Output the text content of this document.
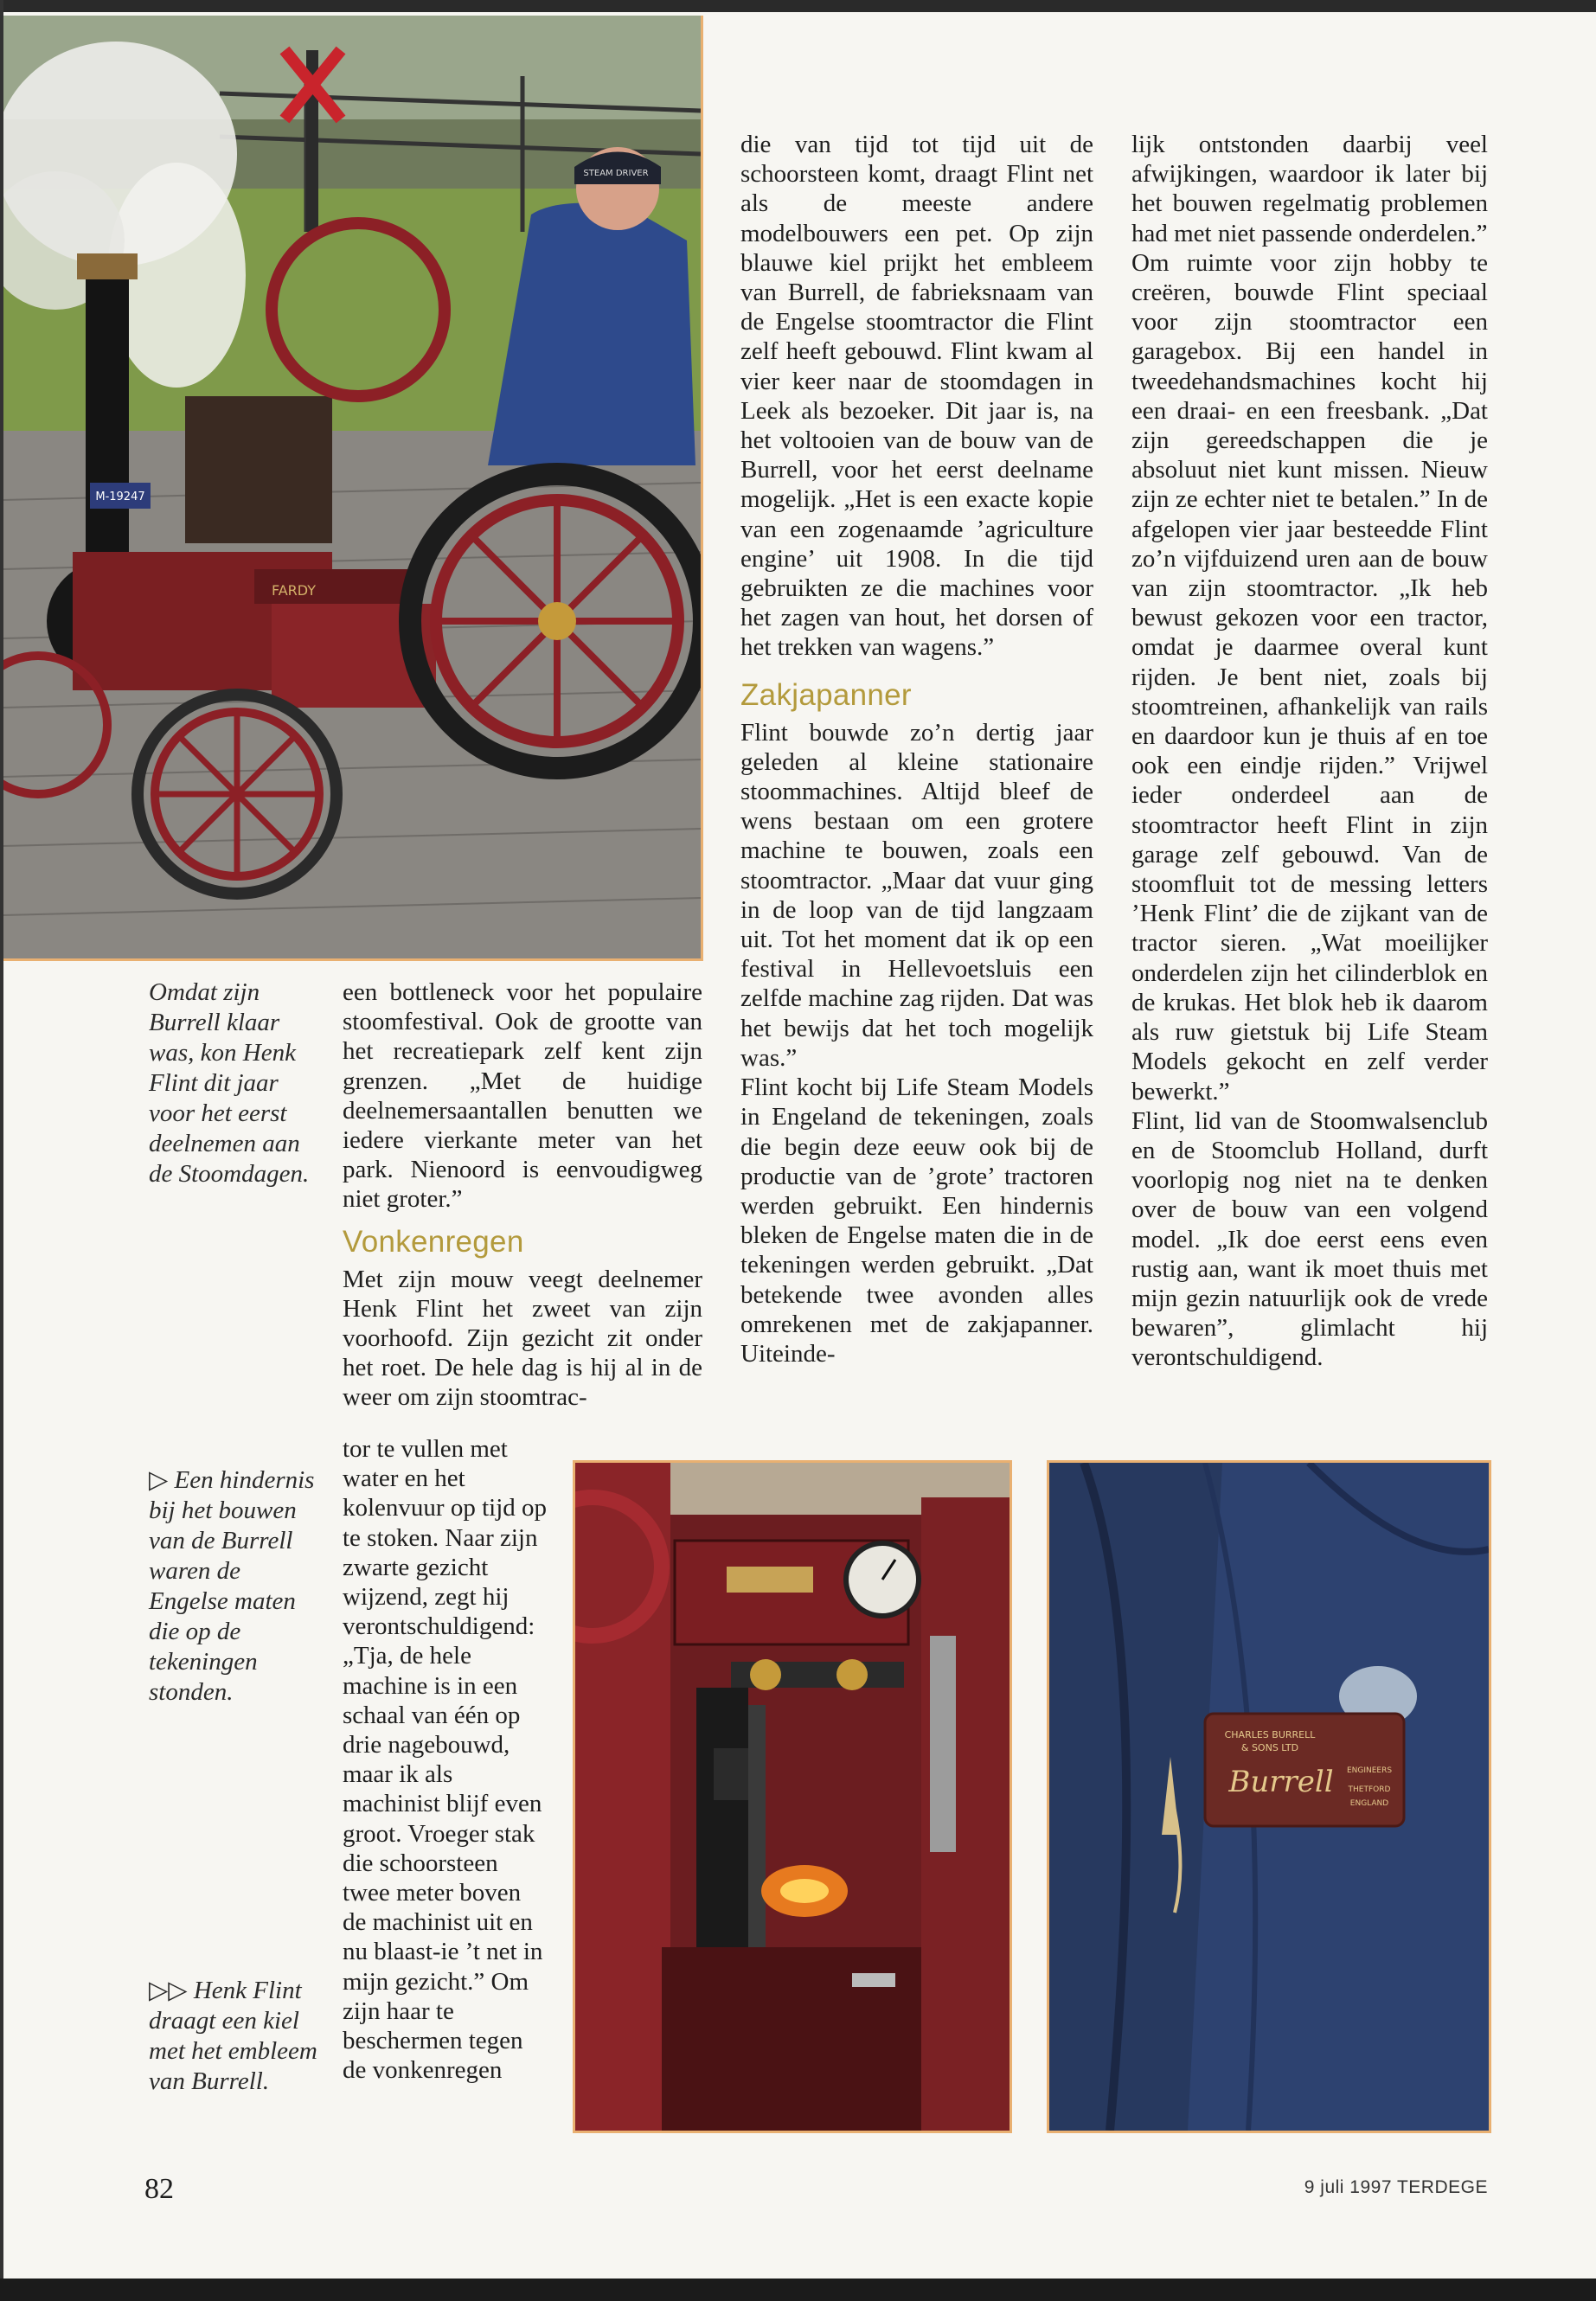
STEAM DRIVER
M-19247
FARDY
Omdat zijn Burrell klaar was, kon Henk Flint dit jaar voor het eerst deelnemen aan de Stoomdagen.

een bottleneck voor het populaire stoomfestival. Ook de grootte van het recreatiepark zelf kent zijn grenzen. „Met de huidige deelnemersaantallen benutten we iedere vierkante meter van het park. Nienoord is eenvoudigweg niet groter.”

Vonkenregen

Met zijn mouw veegt deelnemer Henk Flint het zweet van zijn voorhoofd. Zijn gezicht zit onder het roet. De hele dag is hij al in de weer om zijn stoomtrac-

tor te vullen met water en het kolenvuur op tijd op te stoken. Naar zijn zwarte gezicht wijzend, zegt hij verontschuldigend: „Tja, de hele machine is in een schaal van één op drie nagebouwd, maar ik als machinist blijf even groot. Vroeger stak die schoorsteen twee meter boven de machinist uit en nu blaast-ie ’t net in mijn gezicht.” Om zijn haar te beschermen tegen de vonkenregen

die van tijd tot tijd uit de schoorsteen komt, draagt Flint net als de meeste andere modelbouwers een pet. Op zijn blauwe kiel prijkt het embleem van Burrell, de fabrieksnaam van de Engelse stoomtractor die Flint zelf heeft gebouwd. Flint kwam al vier keer naar de stoomdagen in Leek als bezoeker. Dit jaar is, na het voltooien van de bouw van de Burrell, voor het eerst deelname mogelijk. „Het is een exacte kopie van een zogenaamde ’agriculture engine’ uit 1908. In die tijd gebruikten ze die machines voor het zagen van hout, het dorsen of het trekken van wagens.”

Zakjapanner

Flint bouwde zo’n dertig jaar geleden al kleine stationaire stoommachines. Altijd bleef de wens bestaan om een grotere machine te bouwen, zoals een stoomtractor. „Maar dat vuur ging in de loop van de tijd langzaam uit. Tot het moment dat ik op een festival in Hellevoetsluis een zelfde machine zag rijden. Dat was het bewijs dat het toch mogelijk was.”

Flint kocht bij Life Steam Models in Engeland de tekeningen, zoals die begin deze eeuw ook bij de productie van de ’grote’ tractoren werden gebruikt. Een hindernis bleken de Engelse maten die in de tekeningen werden gebruikt. „Dat betekende twee avonden alles omrekenen met de zakjapanner. Uiteinde-

lijk ontstonden daarbij veel afwijkingen, waardoor ik later bij het bouwen regelmatig problemen had met niet passende onderdelen.”

Om ruimte voor zijn hobby te creëren, bouwde Flint speciaal voor zijn stoomtractor een garagebox. Bij een handel in tweedehandsmachines kocht hij een draai- en een freesbank. „Dat zijn gereedschappen die je absoluut niet kunt missen. Nieuw zijn ze echter niet te betalen.” In de afgelopen vier jaar besteedde Flint zo’n vijfduizend uren aan de bouw van zijn stoomtractor. „Ik heb bewust gekozen voor een tractor, omdat je daarmee overal kunt rijden. Je bent niet, zoals bij stoomtreinen, afhankelijk van rails en daardoor kun je thuis af en toe ook een eindje rijden.” Vrijwel ieder onderdeel aan de stoomtractor heeft Flint in zijn garage zelf gebouwd. Van de stoomfluit tot de messing letters ’Henk Flint’ die de zijkant van de tractor sieren. „Wat moeilijker onderdelen zijn het cilinderblok en de krukas. Het blok heb ik daarom als ruw gietstuk bij Life Steam Models gekocht en zelf verder bewerkt.”

Flint, lid van de Stoomwalsenclub en de Stoomclub Holland, durft voorlopig nog niet na te denken over de bouw van een volgend model. „Ik doe eerst eens even rustig aan, want ik moet thuis met mijn gezin natuurlijk ook de vrede bewaren”, glimlacht hij verontschuldigend.

▷ Een hindernis bij het bouwen van de Burrell waren de Engelse maten die op de tekeningen stonden.
▷▷ Henk Flint draagt een kiel met het embleem van Burrell.
CHARLES BURRELL
& SONS LTD
Burrell ENGINEERS
THETFORD
ENGLAND
82	9 juli 1997 TERDEGE
